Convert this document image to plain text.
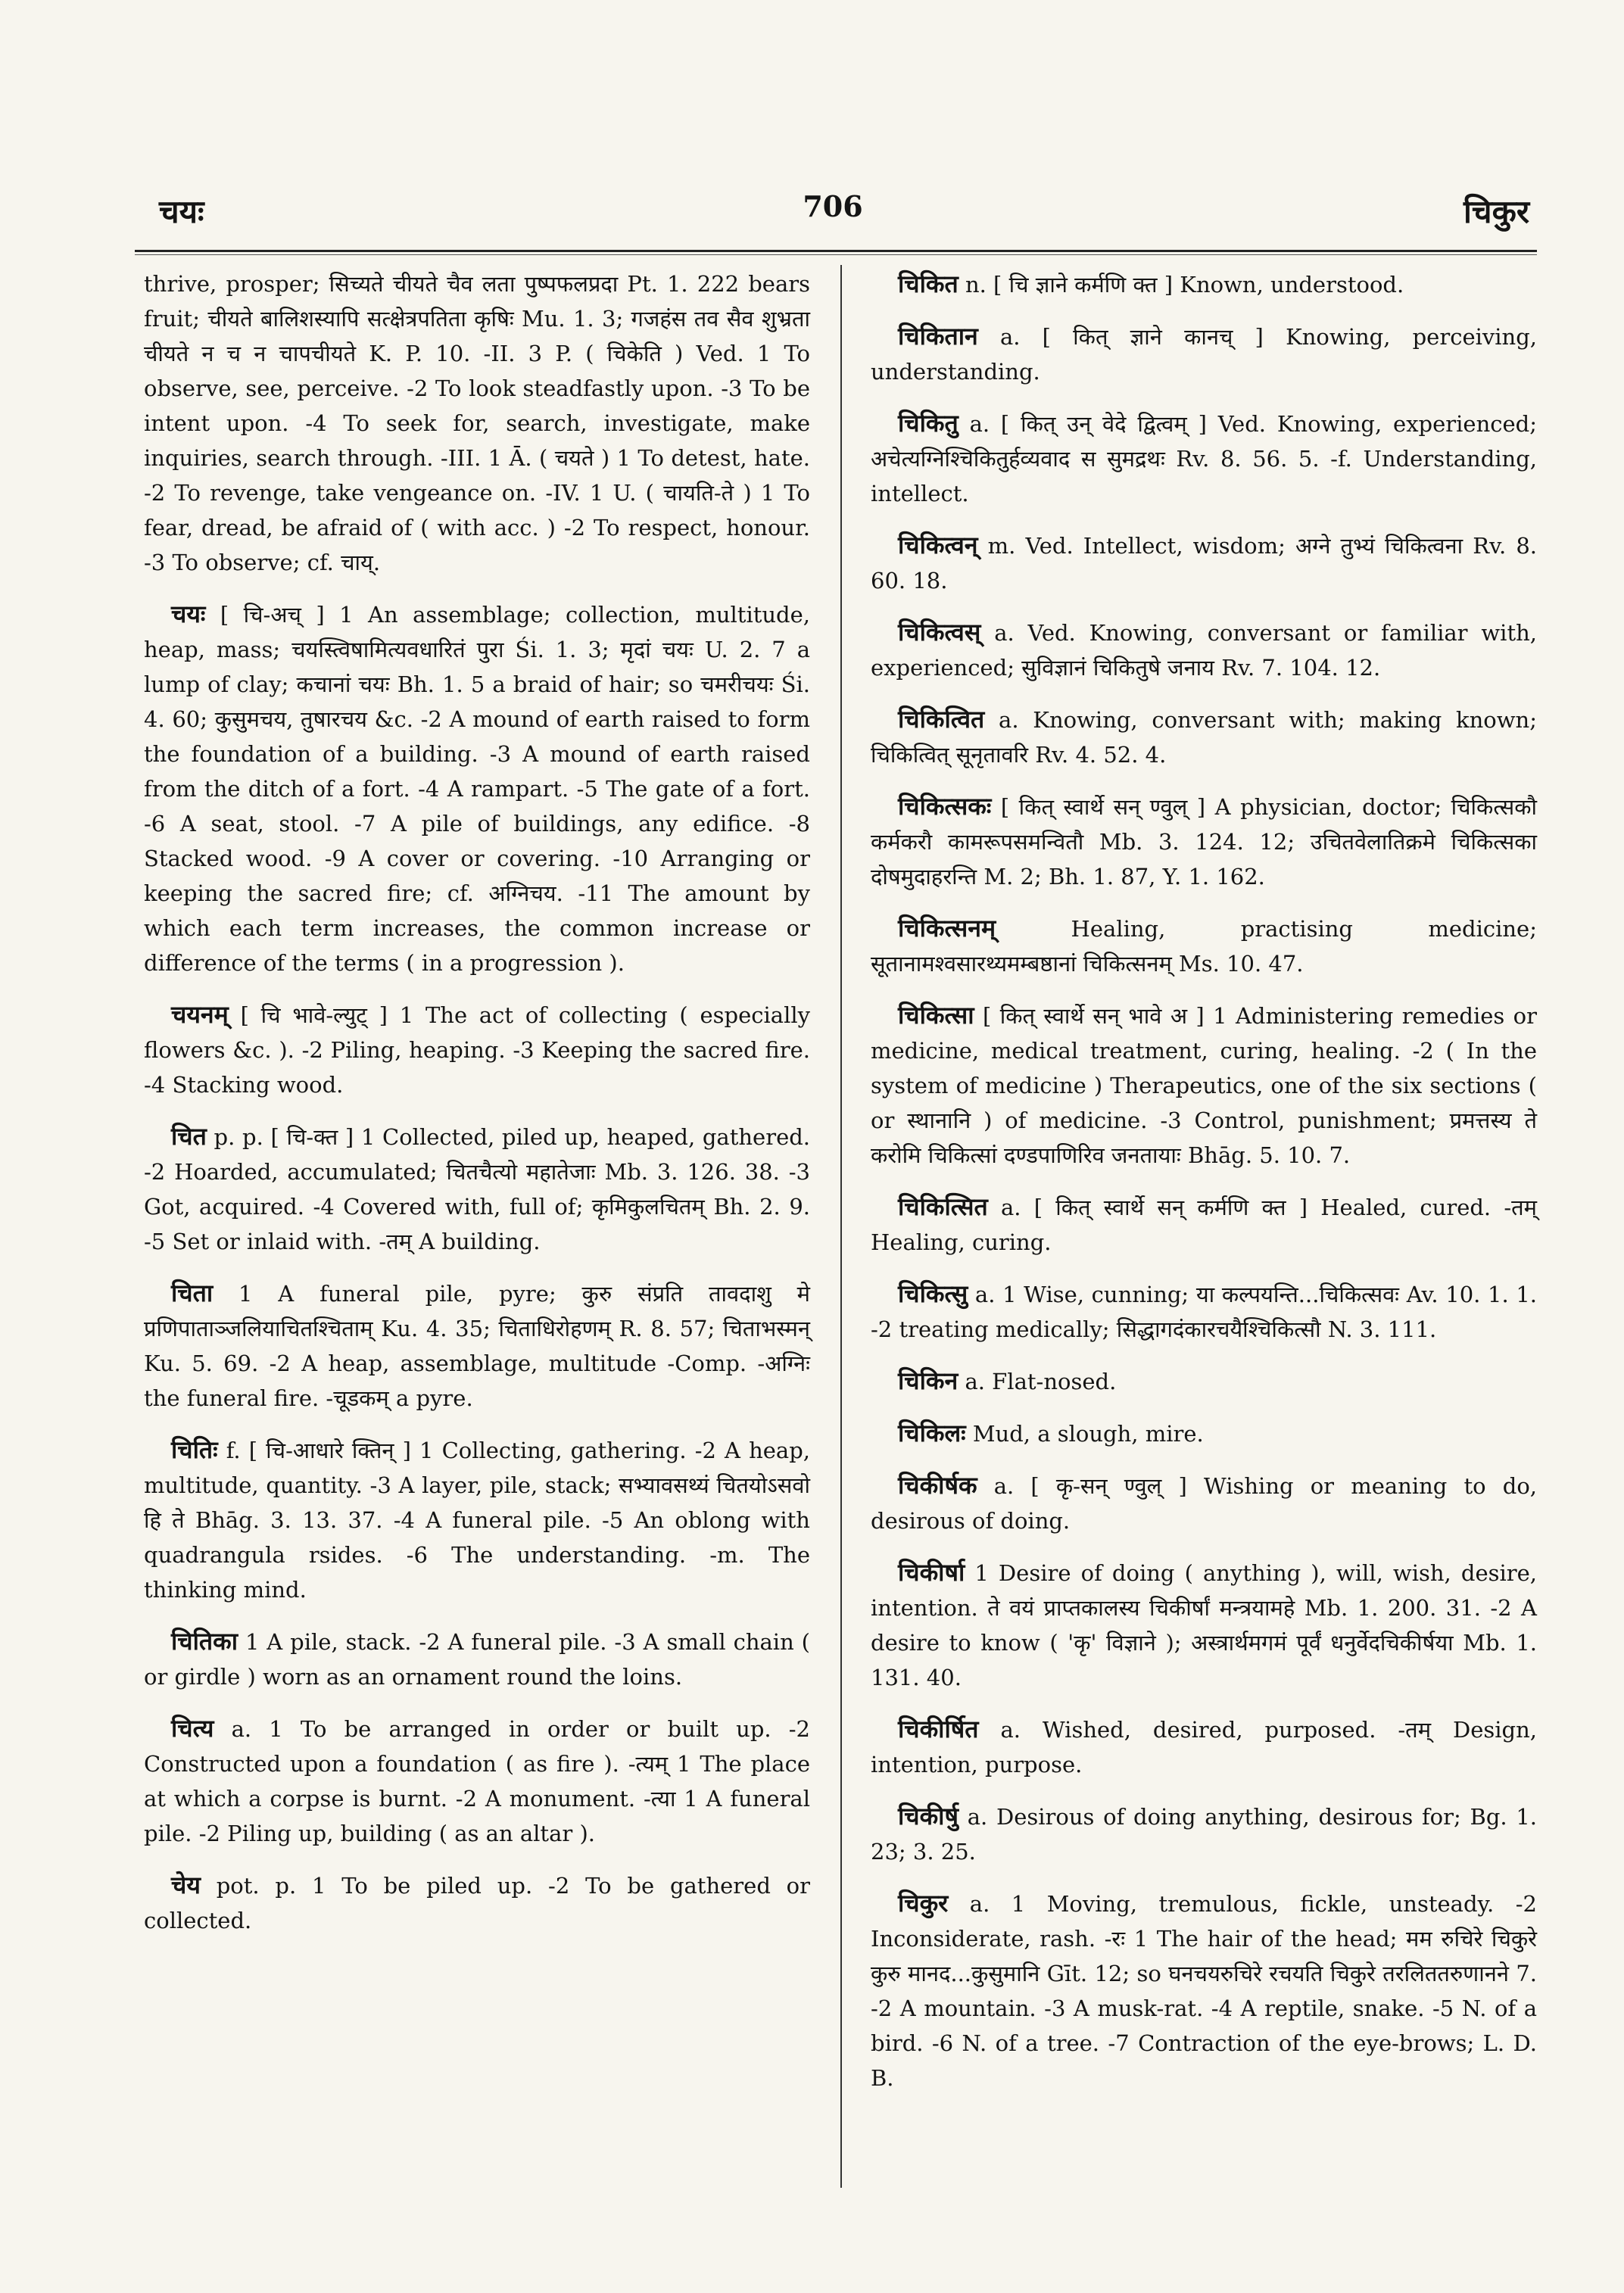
चयः	706	चिकुर

thrive, prosper; सिच्यते चीयते चैव लता पुष्पफलप्रदा Pt. 1. 222 bears fruit; चीयते बालिशस्यापि सत्क्षेत्रपतिता कृषिः Mu. 1. 3; गजहंस तव सैव शुभ्रता चीयते न च न चापचीयते K. P. 10. -II. 3 P. ( चिकेति ) Ved. 1 To observe, see, perceive. -2 To look steadfastly upon. -3 To be intent upon. -4 To seek for, search, investigate, make inquiries, search through. -III. 1 Ā. ( चयते ) 1 To detest, hate. -2 To revenge, take vengeance on. -IV. 1 U. ( चायति-ते ) 1 To fear, dread, be afraid of ( with acc. ) -2 To respect, honour. -3 To observe; cf. चाय्.

चयः [ चि-अच् ] 1 An assemblage; collection, multitude, heap, mass; चयस्त्विषामित्यवधारितं पुरा Śi. 1. 3; मृदां चयः U. 2. 7 a lump of clay; कचानां चयः Bh. 1. 5 a braid of hair; so चमरीचयः Śi. 4. 60; कुसुमचय, तुषारचय &c. -2 A mound of earth raised to form the foundation of a building. -3 A mound of earth raised from the ditch of a fort. -4 A rampart. -5 The gate of a fort. -6 A seat, stool. -7 A pile of buildings, any edifice. -8 Stacked wood. -9 A cover or covering. -10 Arranging or keeping the sacred fire; cf. अग्निचय. -11 The amount by which each term increases, the common increase or difference of the terms ( in a progression ).

चयनम् [ चि भावे-ल्युट् ] 1 The act of collecting ( especially flowers &c. ). -2 Piling, heaping. -3 Keeping the sacred fire. -4 Stacking wood.

चित p. p. [ चि-क्त ] 1 Collected, piled up, heaped, gathered. -2 Hoarded, accumulated; चितचैत्यो महातेजाः Mb. 3. 126. 38. -3 Got, acquired. -4 Covered with, full of; कृमिकुलचितम् Bh. 2. 9. -5 Set or inlaid with. -तम् A building.

चिता 1 A funeral pile, pyre; कुरु संप्रति तावदाशु मे प्रणिपाताञ्जलियाचितश्चिताम् Ku. 4. 35; चिताधिरोहणम् R. 8. 57; चिताभस्मन् Ku. 5. 69. -2 A heap, assemblage, multitude -Comp. -अग्निः the funeral fire. -चूडकम् a pyre.

चितिः f. [ चि-आधारे क्तिन् ] 1 Collecting, gathering. -2 A heap, multitude, quantity. -3 A layer, pile, stack; सभ्यावसथ्यं चितयोऽसवो हि ते Bhāg. 3. 13. 37. -4 A funeral pile. -5 An oblong with quadrangula rsides. -6 The understanding. -m. The thinking mind.

चितिका 1 A pile, stack. -2 A funeral pile. -3 A small chain ( or girdle ) worn as an ornament round the loins.

चित्य a. 1 To be arranged in order or built up. -2 Constructed upon a foundation ( as fire ). -त्यम् 1 The place at which a corpse is burnt. -2 A monument. -त्या 1 A funeral pile. -2 Piling up, building ( as an altar ).

चेय pot. p. 1 To be piled up. -2 To be gathered or collected.

चिकित n. [ चि ज्ञाने कर्मणि क्त ] Known, understood.

चिकितान a. [ कित् ज्ञाने कानच् ] Knowing, perceiving, understanding.

चिकितु a. [ कित् उन् वेदे द्वित्वम् ] Ved. Knowing, experienced; अचेत्यग्निश्चिकितुर्हव्यवाद स सुमद्रथः Rv. 8. 56. 5. -f. Understanding, intellect.

चिकित्वन् m. Ved. Intellect, wisdom; अग्ने तुभ्यं चिकित्वना Rv. 8. 60. 18.

चिकित्वस् a. Ved. Knowing, conversant or familiar with, experienced; सुविज्ञानं चिकितुषे जनाय Rv. 7. 104. 12.

चिकित्वित a. Knowing, conversant with; making known; चिकित्वित् सूनृतावरि Rv. 4. 52. 4.

चिकित्सकः [ कित् स्वार्थे सन् ण्वुल् ] A physician, doctor; चिकित्सकौ कर्मकरौ कामरूपसमन्वितौ Mb. 3. 124. 12; उचितवेलातिक्रमे चिकित्सका दोषमुदाहरन्ति M. 2; Bh. 1. 87, Y. 1. 162.

चिकित्सनम्	Healing, practising medicine; सूतानामश्वसारथ्यमम्बष्ठानां चिकित्सनम् Ms. 10. 47.

चिकित्सा [ कित् स्वार्थे सन् भावे अ ] 1 Administering remedies or medicine, medical treatment, curing, healing. -2 ( In the system of medicine ) Therapeutics, one of the six sections ( or स्थानानि ) of medicine. -3 Control, punishment; प्रमत्तस्य ते करोमि चिकित्सां दण्डपाणिरिव जनतायाः Bhāg. 5. 10. 7.

चिकित्सित a. [ कित् स्वार्थे सन् कर्मणि क्त ] Healed, cured. -तम् Healing, curing.

चिकित्सु a. 1 Wise, cunning; या कल्पयन्ति...चिकित्सवः Av. 10. 1. 1. -2 treating medically; सिद्धागदंकारचयैश्चिकित्सौ N. 3. 111.

चिकिन a. Flat-nosed.

चिकिलः Mud, a slough, mire.

चिकीर्षक a. [ कृ-सन् ण्वुल् ] Wishing or meaning to do, desirous of doing.

चिकीर्षा 1 Desire of doing ( anything ), will, wish, desire, intention. ते वयं प्राप्तकालस्य चिकीर्षां मन्त्रयामहे Mb. 1. 200. 31. -2 A desire to know ( 'कृ' विज्ञाने ); अस्त्रार्थमगमं पूर्वं धनुर्वेदचिकीर्षया Mb. 1. 131. 40.

चिकीर्षित a. Wished, desired, purposed. -तम् Design, intention, purpose.

चिकीर्षु a. Desirous of doing anything, desirous for; Bg. 1. 23; 3. 25.

चिकुर a. 1 Moving, tremulous, fickle, unsteady. -2 Inconsiderate, rash. -रः 1 The hair of the head; मम रुचिरे चिकुरे कुरु मानद...कुसुमानि Gīt. 12; so घनचयरुचिरे रचयति चिकुरे तरलिततरुणानने 7. -2 A mountain. -3 A musk-rat. -4 A reptile, snake. -5 N. of a bird. -6 N. of a tree. -7 Contraction of the eye-brows; L. D. B.
